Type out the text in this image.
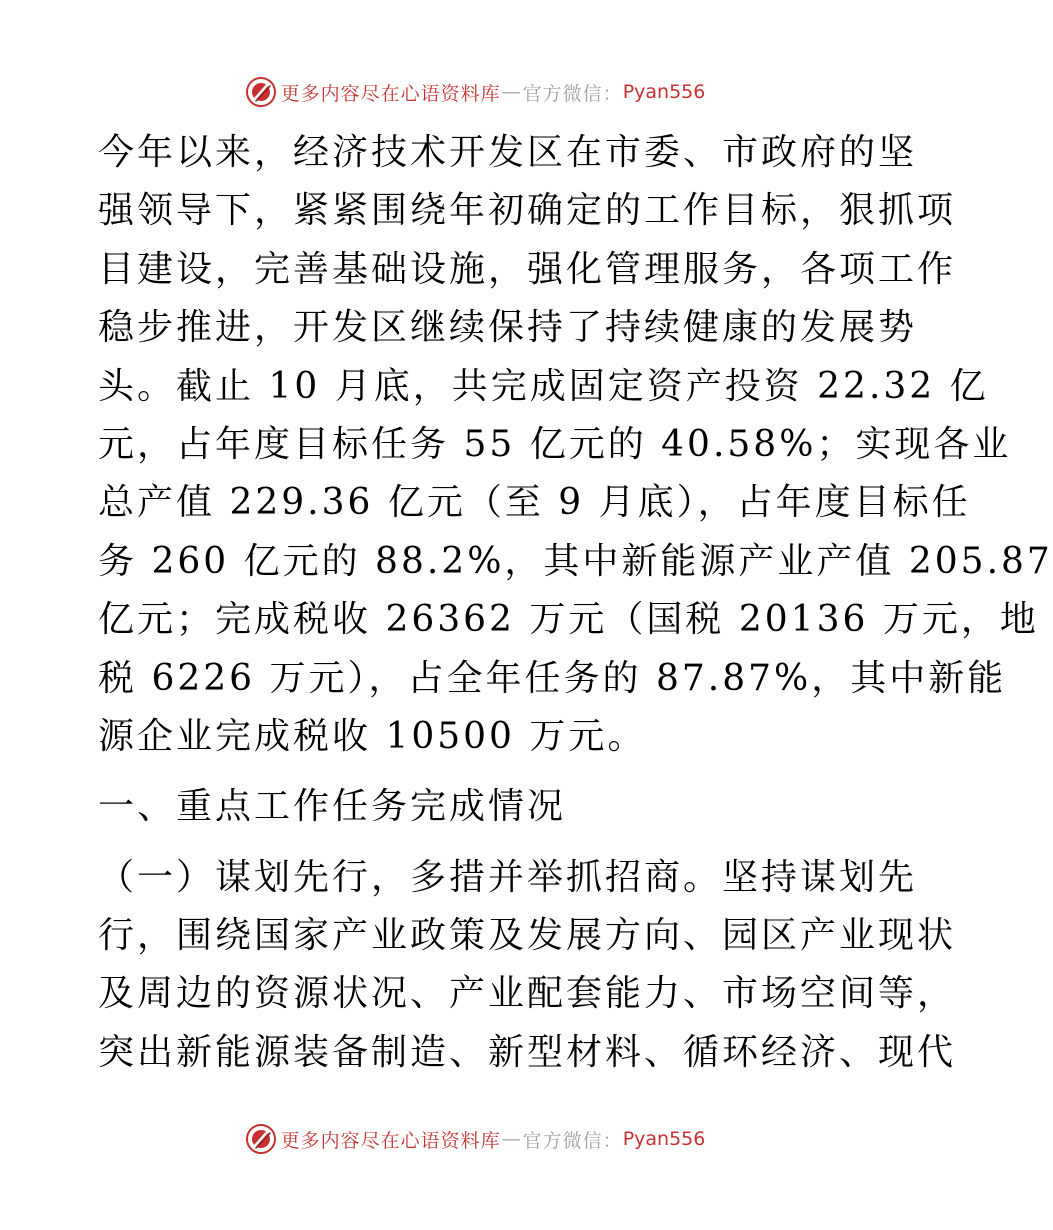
更多内容尽在心语资料库 — 官方微信： Pyan556
今年以来，经济技术开发区在市委、市政府的坚
强领导下，紧紧围绕年初确定的工作目标，狠抓项
目建设，完善基础设施，强化管理服务，各项工作
稳步推进，开发区继续保持了持续健康的发展势
头。截止 10 月底，共完成固定资产投资 22.32 亿
元，占年度目标任务 55 亿元的 40.58%；实现各业
总产值 229.36 亿元（至 9 月底），占年度目标任
务 260 亿元的 88.2%，其中新能源产业产值 205.87
亿元；完成税收 26362 万元（国税 20136 万元，地
税 6226 万元），占全年任务的 87.87%，其中新能
源企业完成税收 10500 万元。
一、重点工作任务完成情况
（一）谋划先行，多措并举抓招商。坚持谋划先
行，围绕国家产业政策及发展方向、园区产业现状
及周边的资源状况、产业配套能力、市场空间等，
突出新能源装备制造、新型材料、循环经济、现代
更多内容尽在心语资料库 — 官方微信： Pyan556
